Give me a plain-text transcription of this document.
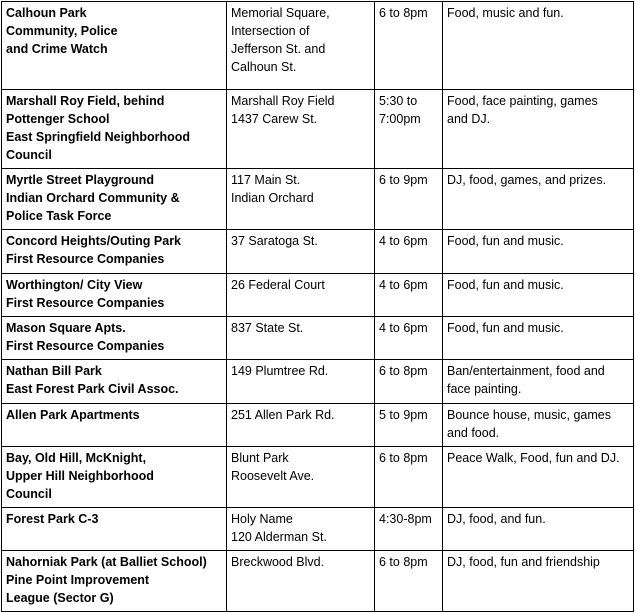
Calhoun Park
Community, Police
and Crime Watch	Memorial Square,
Intersection of
Jefferson St. and
Calhoun St.	6 to 8pm	Food, music and fun.

Marshall Roy Field, behind
Pottenger School
East Springfield Neighborhood
Council	Marshall Roy Field
1437 Carew St.	5:30 to
7:00pm	Food, face painting, games
and DJ.

Myrtle Street Playground
Indian Orchard Community &
Police Task Force	117 Main St.
Indian Orchard	6 to 9pm	DJ, food, games, and prizes.

Concord Heights/Outing Park
First Resource Companies	37 Saratoga St.	4 to 6pm	Food, fun and music.

Worthington/ City View
First Resource Companies	26 Federal Court	4 to 6pm	Food, fun and music.

Mason Square Apts.
First Resource Companies	837 State St.	4 to 6pm	Food, fun and music.

Nathan Bill Park
East Forest Park Civil Assoc.	149 Plumtree Rd.	6 to 8pm	Ban/entertainment, food and
face painting.

Allen Park Apartments	251 Allen Park Rd.	5 to 9pm	Bounce house, music, games
and food.

Bay, Old Hill, McKnight,
Upper Hill Neighborhood
Council	Blunt Park
Roosevelt Ave.	6 to 8pm	Peace Walk, Food, fun and DJ.

Forest Park C-3	Holy Name
120 Alderman St.	4:30-8pm	DJ, food, and fun.

Nahorniak Park (at Balliet School)
Pine Point Improvement
League (Sector G)	Breckwood Blvd.	6 to 8pm	DJ, food, fun and friendship
